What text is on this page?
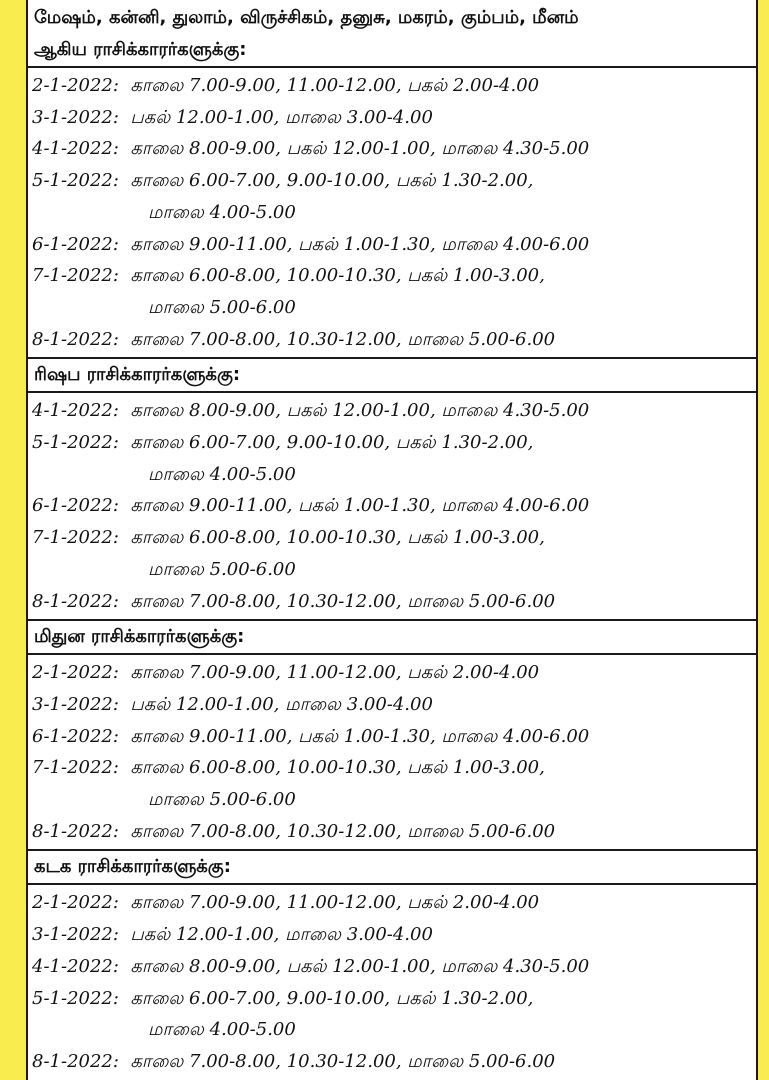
மேஷம், கன்னி, துலாம், விருச்சிகம், தனுசு, மகரம், கும்பம், மீனம்
ஆகிய ராசிக்காரர்களுக்கு:
2-1-2022: காலை 7.00-9.00, 11.00-12.00, பகல் 2.00-4.00
3-1-2022: பகல் 12.00-1.00, மாலை 3.00-4.00
4-1-2022: காலை 8.00-9.00, பகல் 12.00-1.00, மாலை 4.30-5.00
5-1-2022: காலை 6.00-7.00, 9.00-10.00, பகல் 1.30-2.00,
மாலை 4.00-5.00
6-1-2022: காலை 9.00-11.00, பகல் 1.00-1.30, மாலை 4.00-6.00
7-1-2022: காலை 6.00-8.00, 10.00-10.30, பகல் 1.00-3.00,
மாலை 5.00-6.00
8-1-2022: காலை 7.00-8.00, 10.30-12.00, மாலை 5.00-6.00
ரிஷப ராசிக்காரர்களுக்கு:
4-1-2022: காலை 8.00-9.00, பகல் 12.00-1.00, மாலை 4.30-5.00
5-1-2022: காலை 6.00-7.00, 9.00-10.00, பகல் 1.30-2.00,
மாலை 4.00-5.00
6-1-2022: காலை 9.00-11.00, பகல் 1.00-1.30, மாலை 4.00-6.00
7-1-2022: காலை 6.00-8.00, 10.00-10.30, பகல் 1.00-3.00,
மாலை 5.00-6.00
8-1-2022: காலை 7.00-8.00, 10.30-12.00, மாலை 5.00-6.00
மிதுன ராசிக்காரர்களுக்கு:
2-1-2022: காலை 7.00-9.00, 11.00-12.00, பகல் 2.00-4.00
3-1-2022: பகல் 12.00-1.00, மாலை 3.00-4.00
6-1-2022: காலை 9.00-11.00, பகல் 1.00-1.30, மாலை 4.00-6.00
7-1-2022: காலை 6.00-8.00, 10.00-10.30, பகல் 1.00-3.00,
மாலை 5.00-6.00
8-1-2022: காலை 7.00-8.00, 10.30-12.00, மாலை 5.00-6.00
கடக ராசிக்காரர்களுக்கு:
2-1-2022: காலை 7.00-9.00, 11.00-12.00, பகல் 2.00-4.00
3-1-2022: பகல் 12.00-1.00, மாலை 3.00-4.00
4-1-2022: காலை 8.00-9.00, பகல் 12.00-1.00, மாலை 4.30-5.00
5-1-2022: காலை 6.00-7.00, 9.00-10.00, பகல் 1.30-2.00,
மாலை 4.00-5.00
8-1-2022: காலை 7.00-8.00, 10.30-12.00, மாலை 5.00-6.00
